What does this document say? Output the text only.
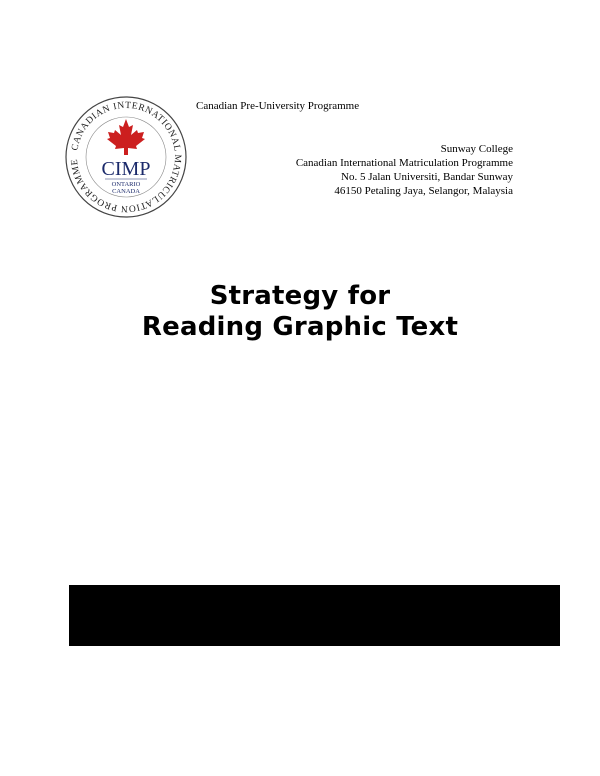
CANADIAN INTERNATIONAL MATRICULATION PROGRAMME	CIMP
ONTARIO
CANADA
Canadian Pre-University Programme
Sunway College
Canadian International Matriculation Programme
No. 5 Jalan Universiti, Bandar Sunway
46150 Petaling Jaya, Selangor, Malaysia
Strategy for
Reading Graphic Text
